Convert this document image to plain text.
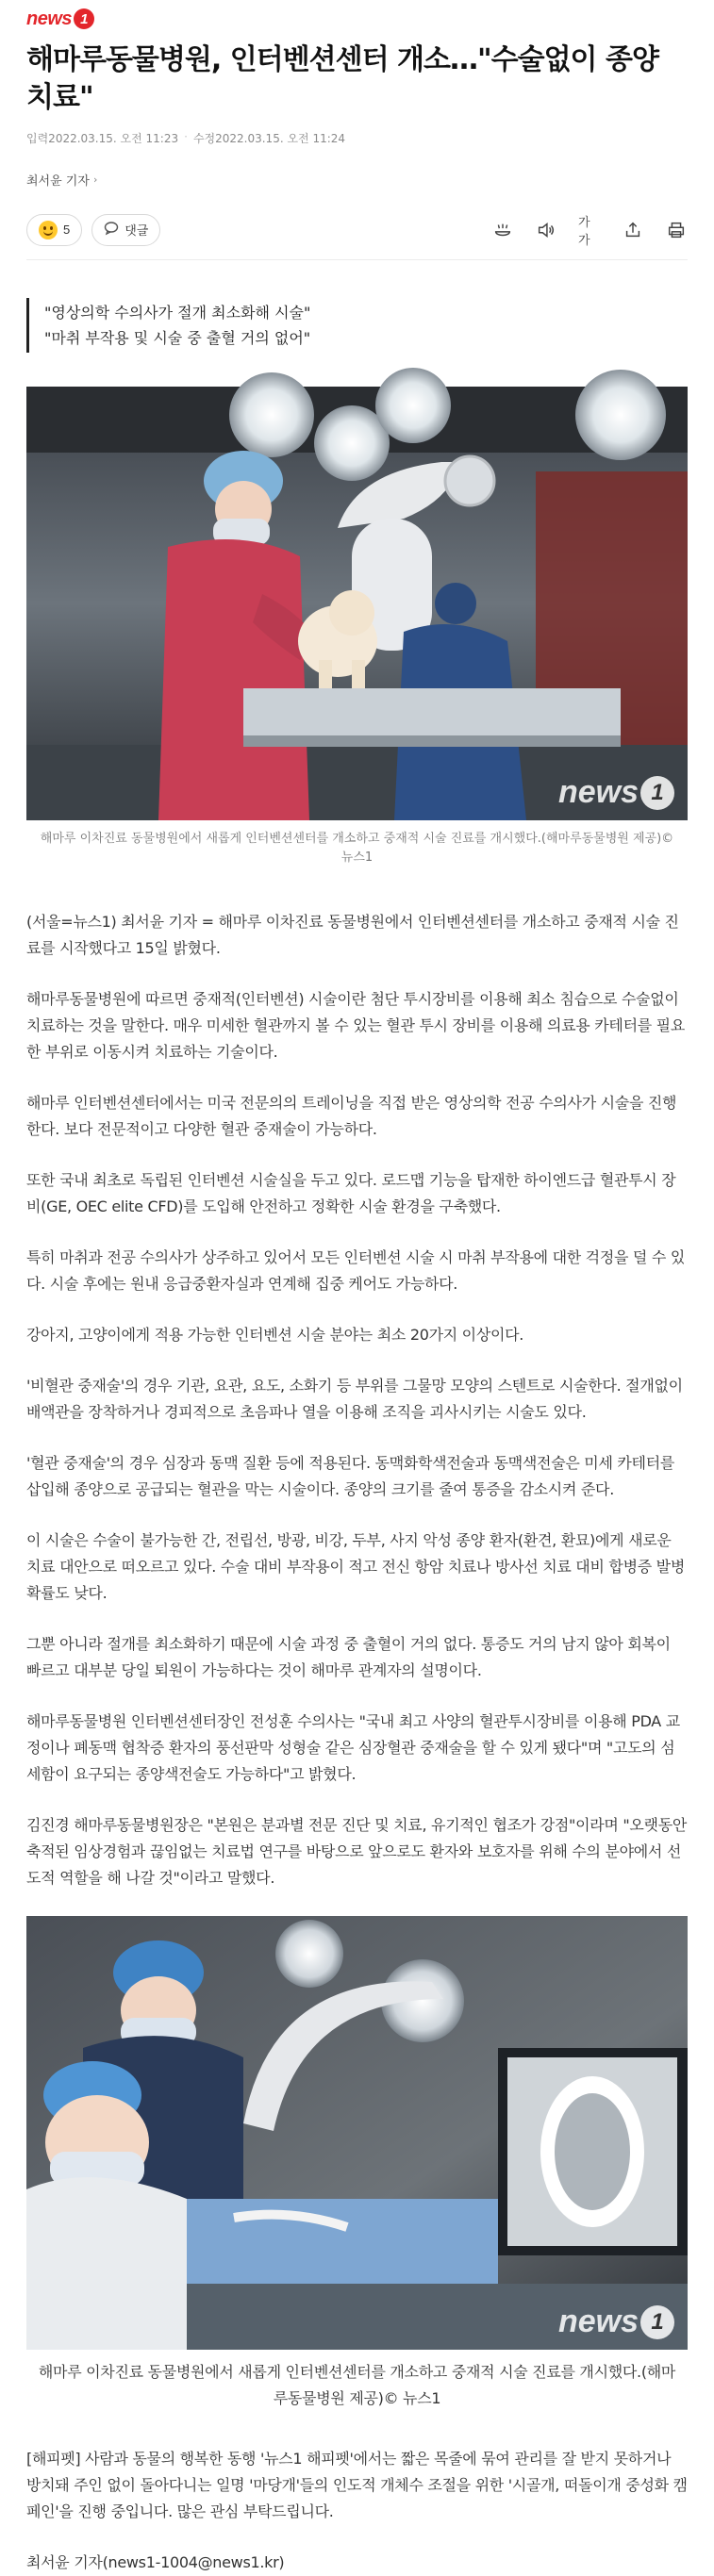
news 1
해마루동물병원, 인터벤션센터 개소…"수술없이 종양 치료"
입력2022.03.15. 오전 11:23 · 수정2022.03.15. 오전 11:24
최서윤 기자 ›
5	댓글
가가

"영상의학 수의사가 절개 최소화해 시술"

"마취 부작용 및 시술 중 출혈 거의 없어"

news 1

해마루 이차진료 동물병원에서 새롭게 인터벤션센터를 개소하고 중재적 시술 진료를 개시했다.(해마루동물병원 제공)© 뉴스1

(서울=뉴스1) 최서윤 기자 = 해마루 이차진료 동물병원에서 인터벤션센터를 개소하고 중재적 시술 진료를 시작했다고 15일 밝혔다.

해마루동물병원에 따르면 중재적(인터벤션) 시술이란 첨단 투시장비를 이용해 최소 침습으로 수술없이 치료하는 것을 말한다. 매우 미세한 혈관까지 볼 수 있는 혈관 투시 장비를 이용해 의료용 카테터를 필요한 부위로 이동시켜 치료하는 기술이다.

해마루 인터벤션센터에서는 미국 전문의의 트레이닝을 직접 받은 영상의학 전공 수의사가 시술을 진행한다. 보다 전문적이고 다양한 혈관 중재술이 가능하다.

또한 국내 최초로 독립된 인터벤션 시술실을 두고 있다. 로드맵 기능을 탑재한 하이엔드급 혈관투시 장비(GE, OEC elite CFD)를 도입해 안전하고 정확한 시술 환경을 구축했다.

특히 마취과 전공 수의사가 상주하고 있어서 모든 인터벤션 시술 시 마취 부작용에 대한 걱정을 덜 수 있다. 시술 후에는 원내 응급중환자실과 연계해 집중 케어도 가능하다.

강아지, 고양이에게 적용 가능한 인터벤션 시술 분야는 최소 20가지 이상이다.

'비혈관 중재술'의 경우 기관, 요관, 요도, 소화기 등 부위를 그물망 모양의 스텐트로 시술한다. 절개없이 배액관을 장착하거나 경피적으로 초음파나 열을 이용해 조직을 괴사시키는 시술도 있다.

'혈관 중재술'의 경우 심장과 동맥 질환 등에 적용된다. 동맥화학색전술과 동맥색전술은 미세 카테터를 삽입해 종양으로 공급되는 혈관을 막는 시술이다. 종양의 크기를 줄여 통증을 감소시켜 준다.

이 시술은 수술이 불가능한 간, 전립선, 방광, 비강, 두부, 사지 악성 종양 환자(환견, 환묘)에게 새로운 치료 대안으로 떠오르고 있다. 수술 대비 부작용이 적고 전신 항암 치료나 방사선 치료 대비 합병증 발병 확률도 낮다.

그뿐 아니라 절개를 최소화하기 때문에 시술 과정 중 출혈이 거의 없다. 통증도 거의 남지 않아 회복이 빠르고 대부분 당일 퇴원이 가능하다는 것이 해마루 관계자의 설명이다.

해마루동물병원 인터벤션센터장인 전성훈 수의사는 "국내 최고 사양의 혈관투시장비를 이용해 PDA 교정이나 폐동맥 협착증 환자의 풍선판막 성형술 같은 심장혈관 중재술을 할 수 있게 됐다"며 "고도의 섬세함이 요구되는 종양색전술도 가능하다"고 밝혔다.

김진경 해마루동물병원장은 "본원은 분과별 전문 진단 및 치료, 유기적인 협조가 강점"이라며 "오랫동안 축적된 임상경험과 끊임없는 치료법 연구를 바탕으로 앞으로도 환자와 보호자를 위해 수의 분야에서 선도적 역할을 해 나갈 것"이라고 말했다.

news 1

해마루 이차진료 동물병원에서 새롭게 인터벤션센터를 개소하고 중재적 시술 진료를 개시했다.(해마루동물병원 제공)© 뉴스1

[해피펫] 사람과 동물의 행복한 동행 '뉴스1 해피펫'에서는 짧은 목줄에 묶여 관리를 잘 받지 못하거나 방치돼 주인 없이 돌아다니는 일명 '마당개'들의 인도적 개체수 조절을 위한 '시골개, 떠돌이개 중성화 캠페인'을 진행 중입니다. 많은 관심 부탁드립니다.

최서윤 기자(news1-1004@news1.kr)
